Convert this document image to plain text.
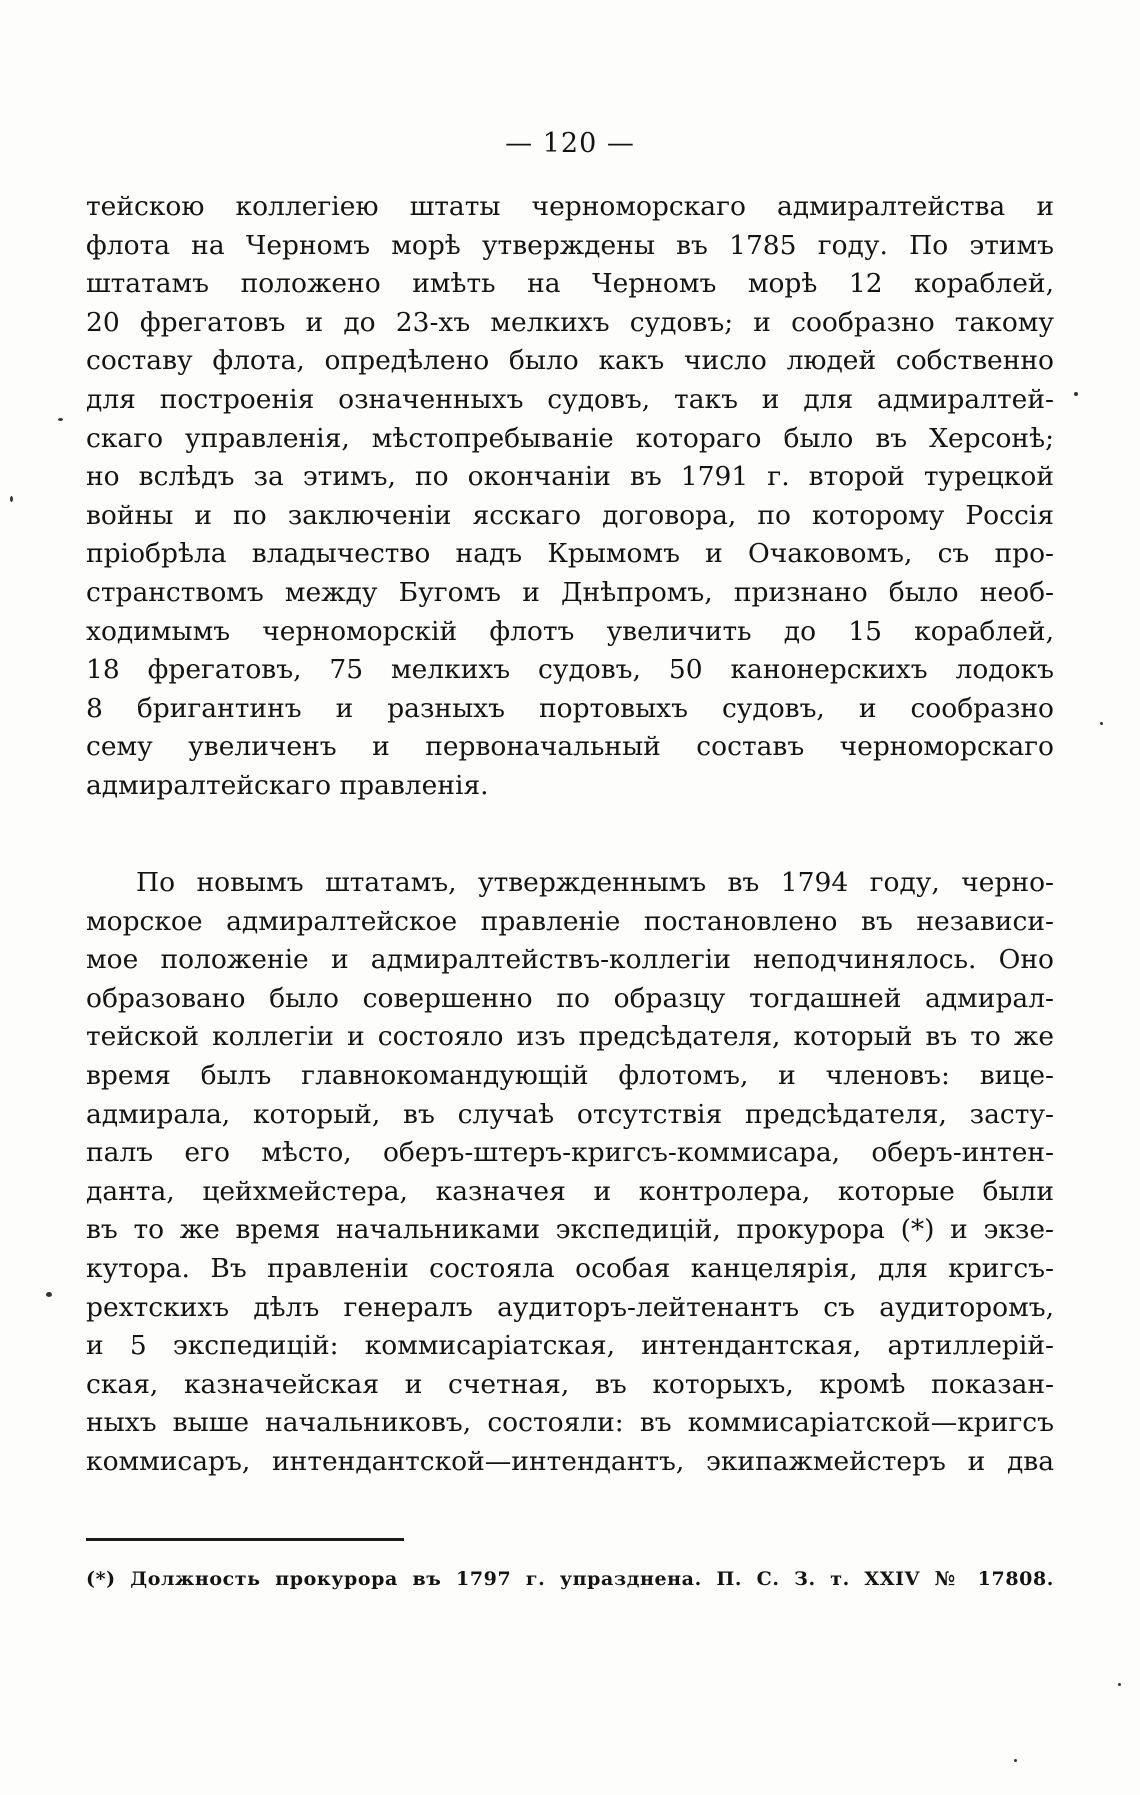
— 120 —
тейскою коллегіею штаты черноморскаго адмиралтейства и
флота на Черномъ морѣ утверждены въ 1785 году. По этимъ
штатамъ положено имѣть на Черномъ морѣ 12 кораблей,
20 фрегатовъ и до 23-хъ мелкихъ судовъ; и сообразно такому
составу флота, опредѣлено было какъ число людей собственно
для построенія означенныхъ судовъ, такъ и для адмиралтей-
скаго управленія, мѣстопребываніе котораго было въ Херсонѣ;
но вслѣдъ за этимъ, по окончаніи въ 1791 г. второй турецкой
войны и по заключеніи ясскаго договора, по которому Россія
пріобрѣла владычество надъ Крымомъ и Очаковомъ, съ про-
странствомъ между Бугомъ и Днѣпромъ, признано было необ-
ходимымъ черноморскій флотъ увеличить до 15 кораблей,
18 фрегатовъ, 75 мелкихъ судовъ, 50 канонерскихъ лодокъ
8 бригантинъ и разныхъ портовыхъ судовъ, и сообразно
сему увеличенъ и первоначальный составъ черноморскаго
адмиралтейскаго правленія.
По новымъ штатамъ, утвержденнымъ въ 1794 году, черно-
морское адмиралтейское правленіе постановлено въ независи-
мое положеніе и адмиралтействъ-коллегіи неподчинялось. Оно
образовано было совершенно по образцу тогдашней адмирал-
тейской коллегіи и состояло изъ предсѣдателя, который въ то же
время былъ главнокомандующій флотомъ, и членовъ: вице-
адмирала, который, въ случаѣ отсутствія предсѣдателя, засту-
палъ его мѣсто, оберъ-штеръ-кригсъ-коммисара, оберъ-интен-
данта, цейхмейстера, казначея и контролера, которые были
въ то же время начальниками экспедицій, прокурора (*) и экзе-
кутора. Въ правленіи состояла особая канцелярія, для кригсъ-
рехтскихъ дѣлъ генералъ аудиторъ-лейтенантъ съ аудиторомъ,
и 5 экспедицій: коммисаріатская, интендантская, артиллерій-
ская, казначейская и счетная, въ которыхъ, кромѣ показан-
ныхъ выше начальниковъ, состояли: въ коммисаріатской—кригсъ
коммисаръ, интендантской—интендантъ, экипажмейстеръ и два
(*) Должность прокурора въ 1797 г. упразднена. П. С. З. т. XXIV № 17808.
